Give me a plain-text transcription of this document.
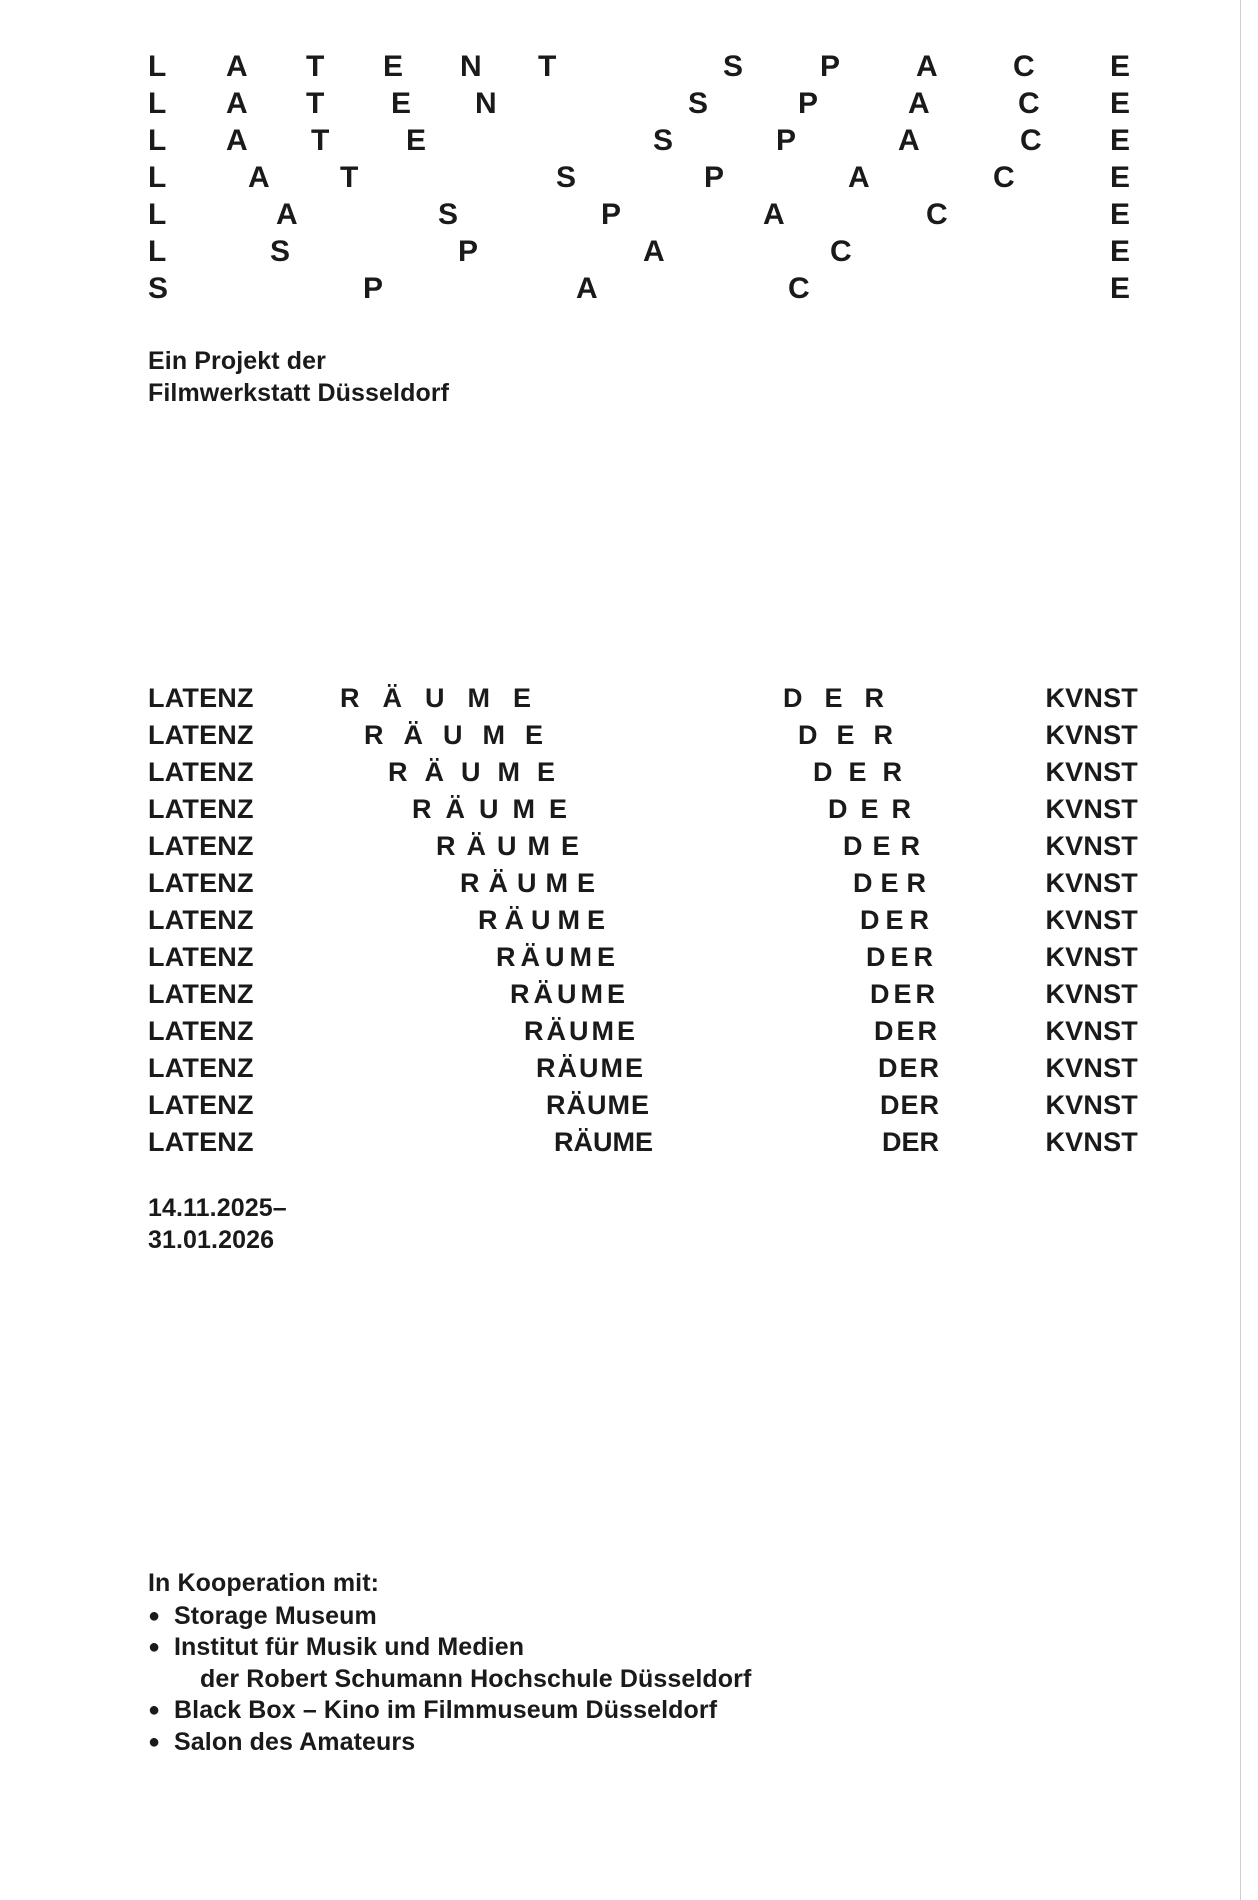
L A T E N T	S	P	A	C	E
L A T E N	S	P	A	C E
L A T	E	S	P	A	C E
L	A T	S	P	A	C	E
L	A	S	P	A	C	E
L	S	P	A	C	E
S	P	A	C	E
Ein Projekt der
Filmwerkstatt Düsseldorf
LATENZ	RÄUME	DER	KVNST
LATENZ	RÄUME	DER	KVNST
LATENZ	RÄUME	DER	KVNST
LATENZ	RÄUME	DER	KVNST
LATENZ	RÄUME	DER	KVNST
LATENZ	RÄUME	DER	KVNST
LATENZ	RÄUME	DER	KVNST
LATENZ	RÄUME	DER	KVNST
LATENZ	RÄUME	DER	KVNST
LATENZ	RÄUME	DER	KVNST
LATENZ	RÄUME	DER	KVNST
LATENZ	RÄUME	DER	KVNST
LATENZ	RÄUME	DER	KVNST
14.11.2025–
31.01.2026
In Kooperation mit:
● Storage Museum
● Institut für Musik und Medien
der Robert Schumann Hochschule Düsseldorf
● Black Box – Kino im Filmmuseum Düsseldorf
● Salon des Amateurs
